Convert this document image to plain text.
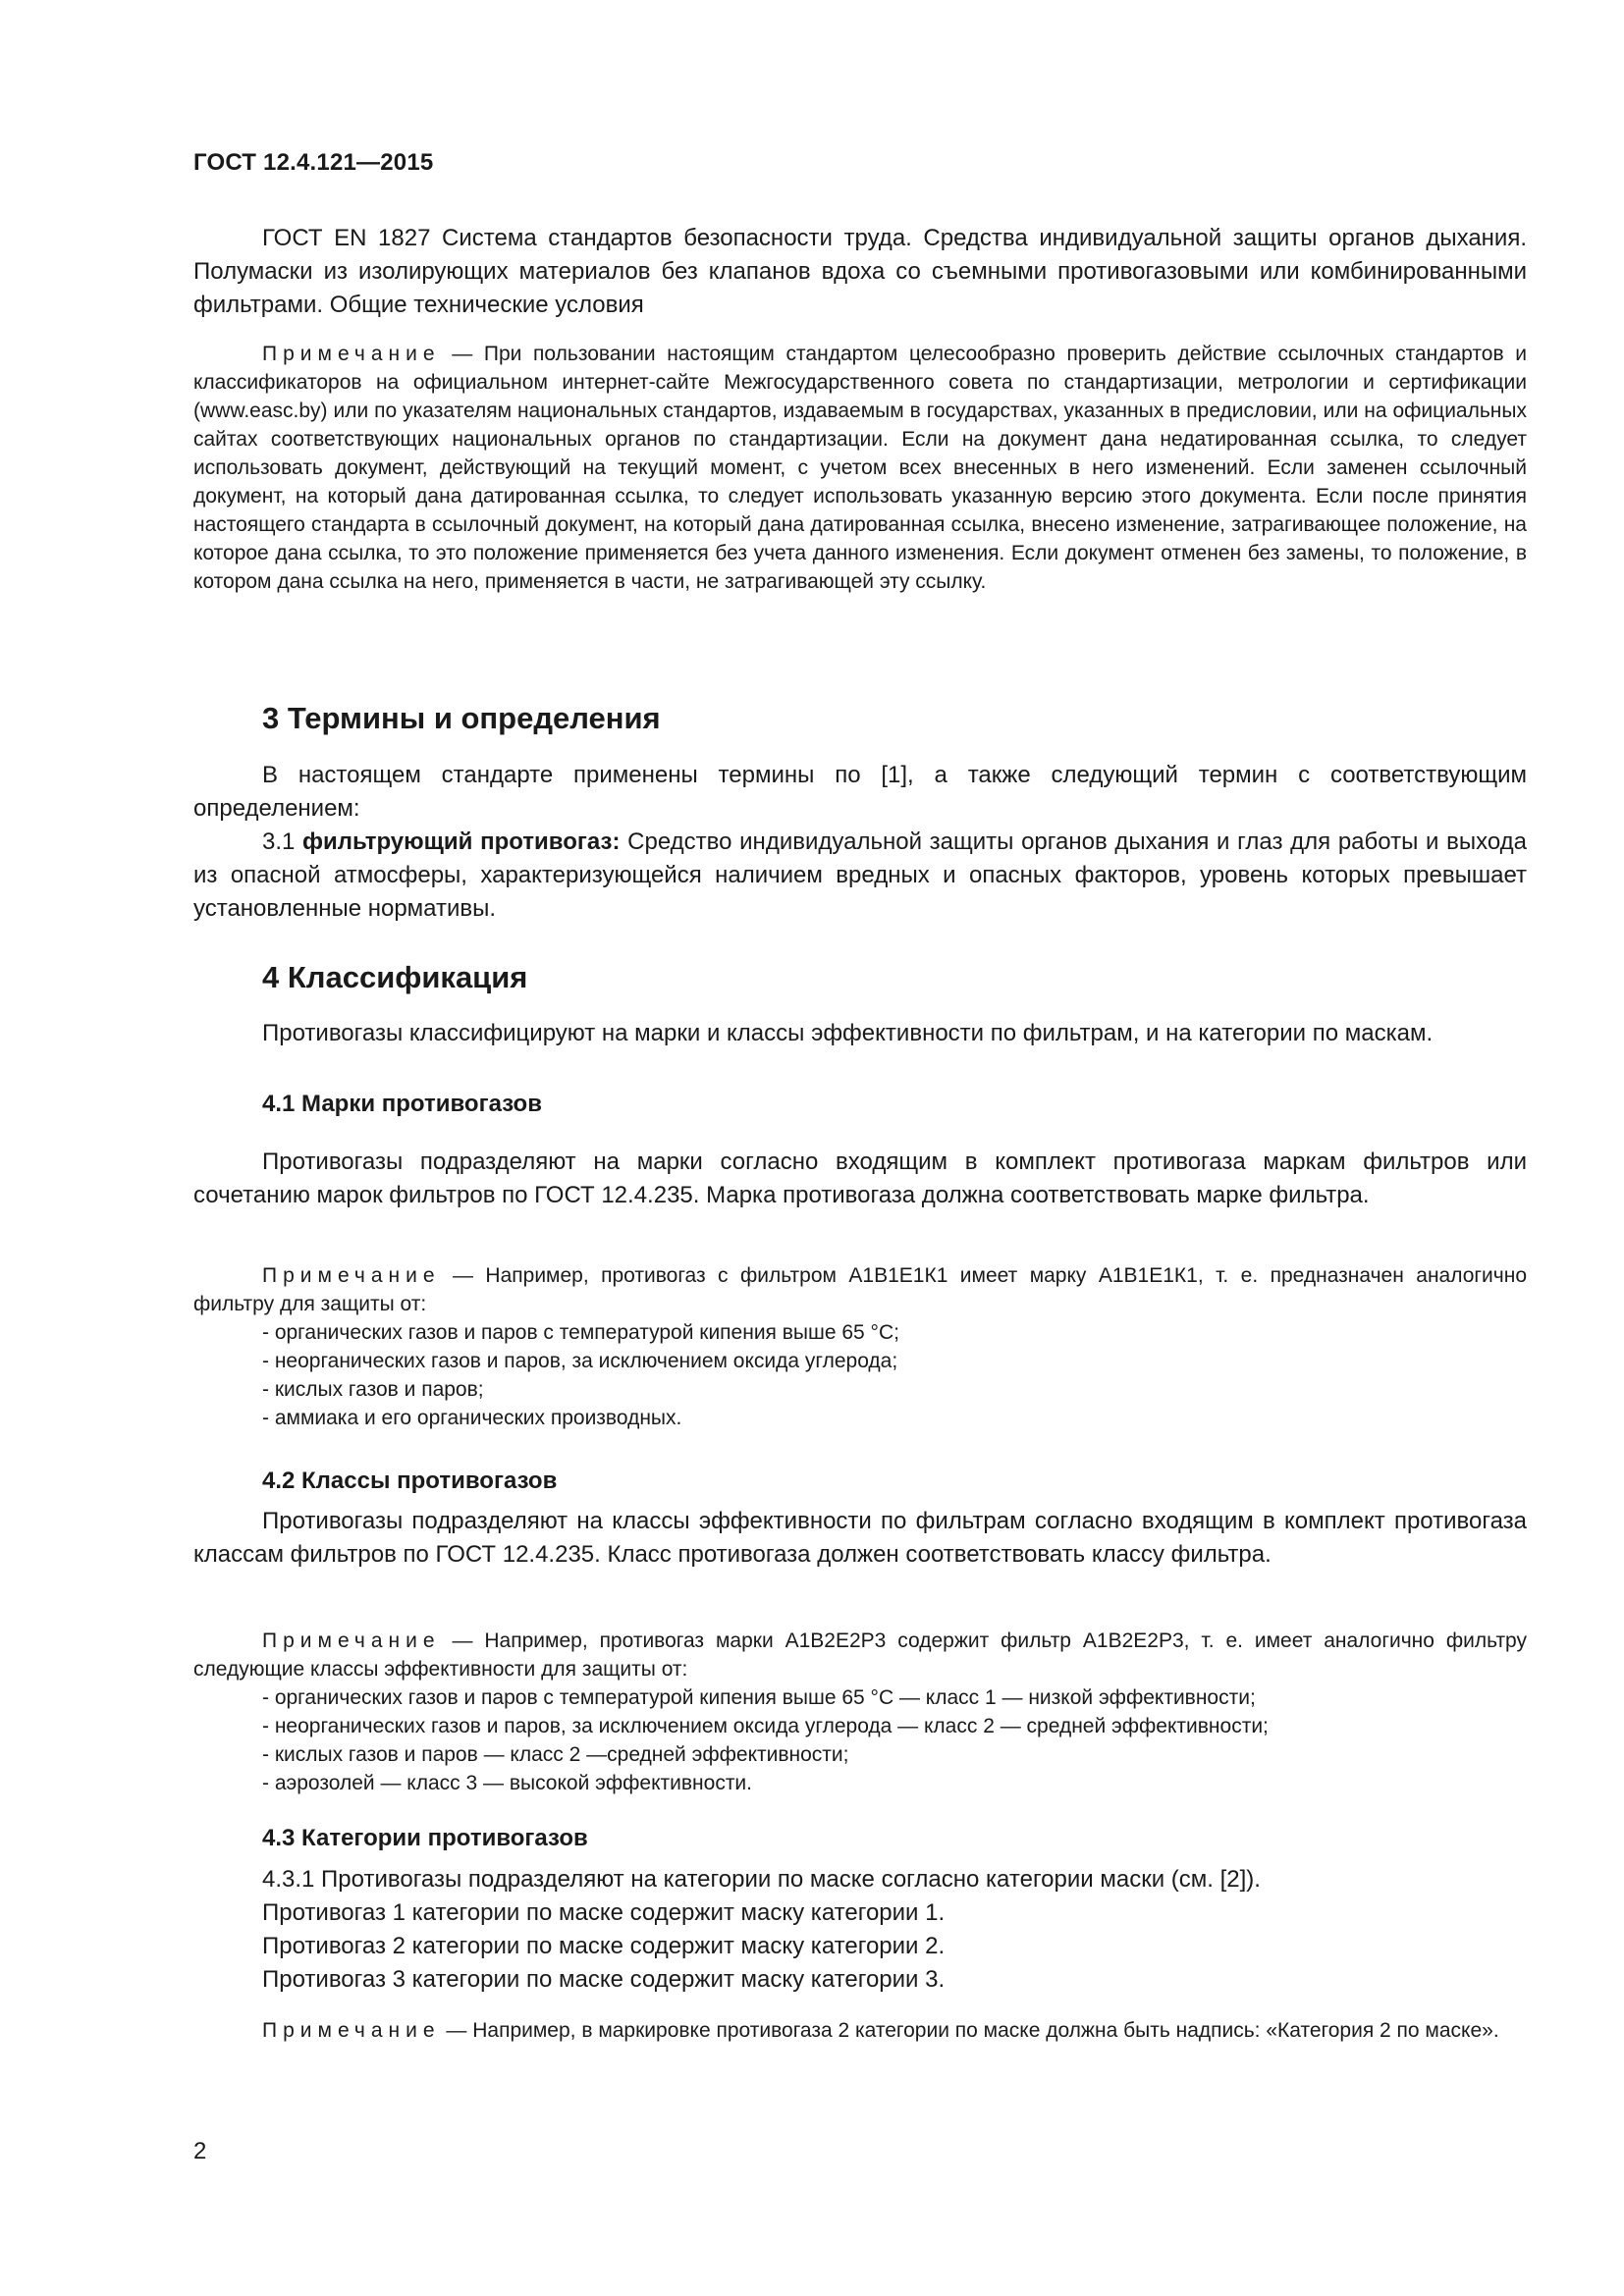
ГОСТ 12.4.121—2015

ГОСТ EN 1827 Система стандартов безопасности труда. Средства индивидуальной защиты органов дыхания. Полумаски из изолирующих материалов без клапанов вдоха со съемными противогазовыми или комбинированными фильтрами. Общие технические условия

Примечание — При пользовании настоящим стандартом целесообразно проверить действие ссылочных стандартов и классификаторов на официальном интернет-сайте Межгосударственного совета по стандартизации, метрологии и сертификации (www.easc.by) или по указателям национальных стандартов, издаваемым в государствах, указанных в предисловии, или на официальных сайтах соответствующих национальных органов по стандартизации. Если на документ дана недатированная ссылка, то следует использовать документ, действующий на текущий момент, с учетом всех внесенных в него изменений. Если заменен ссылочный документ, на который дана датированная ссылка, то следует использовать указанную версию этого документа. Если после принятия настоящего стандарта в ссылочный документ, на который дана датированная ссылка, внесено изменение, затрагивающее положение, на которое дана ссылка, то это положение применяется без учета данного изменения. Если документ отменен без замены, то положение, в котором дана ссылка на него, применяется в части, не затрагивающей эту ссылку.

3 Термины и определения

В настоящем стандарте применены термины по [1], а также следующий термин с соответствующим определением:

3.1 фильтрующий противогаз: Средство индивидуальной защиты органов дыхания и глаз для работы и выхода из опасной атмосферы, характеризующейся наличием вредных и опасных факторов, уровень которых превышает установленные нормативы.

4 Классификация

Противогазы классифицируют на марки и классы эффективности по фильтрам, и на категории по маскам.

4.1 Марки противогазов

Противогазы подразделяют на марки согласно входящим в комплект противогаза маркам фильтров или сочетанию марок фильтров по ГОСТ 12.4.235. Марка противогаза должна соответствовать марке фильтра.

Примечание — Например, противогаз с фильтром А1В1Е1К1 имеет марку А1В1Е1К1, т. е. предназначен аналогично фильтру для защиты от:

- органических газов и паров с температурой кипения выше 65 °С;

- неорганических газов и паров, за исключением оксида углерода;

- кислых газов и паров;

- аммиака и его органических производных.

4.2 Классы противогазов

Противогазы подразделяют на классы эффективности по фильтрам согласно входящим в комплект противогаза классам фильтров по ГОСТ 12.4.235. Класс противогаза должен соответствовать классу фильтра.

Примечание — Например, противогаз марки А1В2Е2Р3 содержит фильтр А1В2Е2Р3, т. е. имеет аналогично фильтру следующие классы эффективности для защиты от:

- органических газов и паров с температурой кипения выше 65 °С — класс 1 — низкой эффективности;

- неорганических газов и паров, за исключением оксида углерода — класс 2 — средней эффективности;

- кислых газов и паров — класс 2 —средней эффективности;

- аэрозолей — класс 3 — высокой эффективности.

4.3 Категории противогазов

4.3.1 Противогазы подразделяют на категории по маске согласно категории маски (см. [2]).

Противогаз 1 категории по маске содержит маску категории 1.

Противогаз 2 категории по маске содержит маску категории 2.

Противогаз 3 категории по маске содержит маску категории 3.

Примечание — Например, в маркировке противогаза 2 категории по маске должна быть надпись: «Категория 2 по маске».

2
